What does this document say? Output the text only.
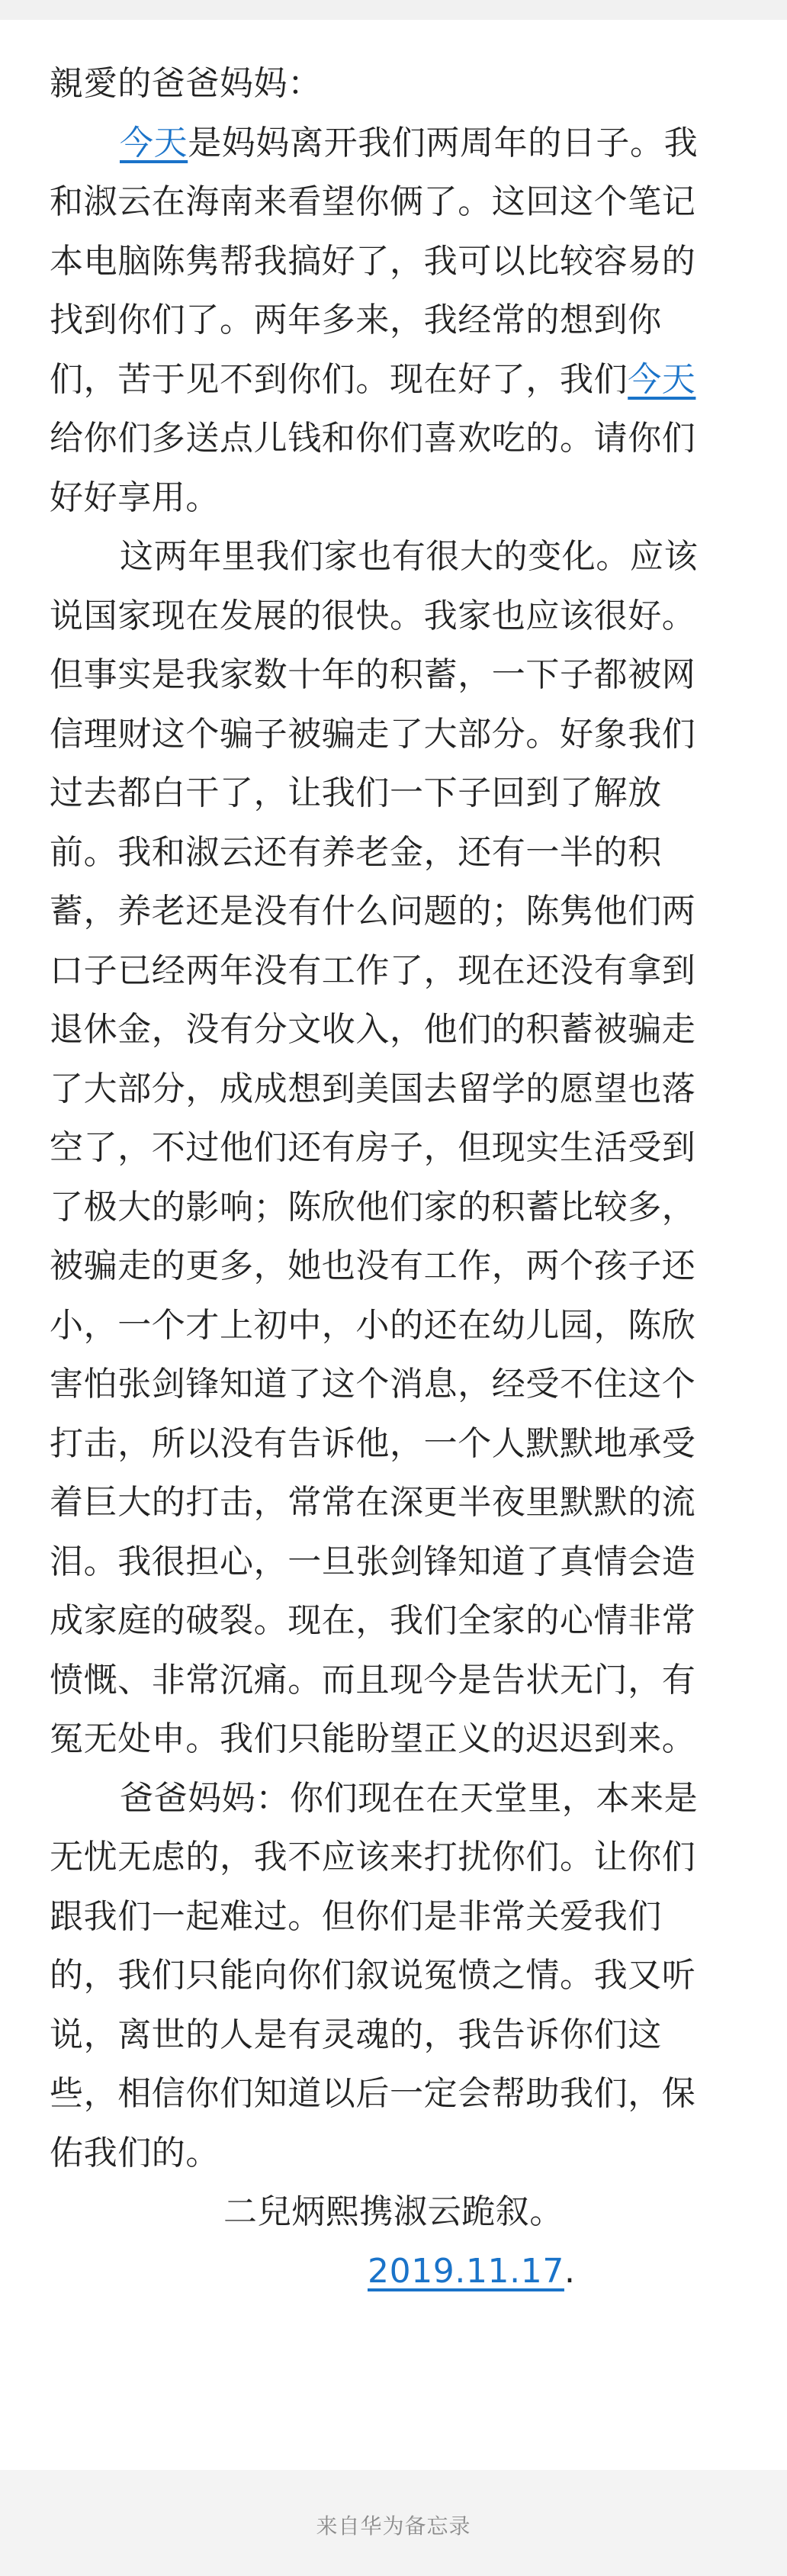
親愛的爸爸妈妈：
今天是妈妈离开我们两周年的日子。我
和淑云在海南来看望你俩了。这回这个笔记
本电脑陈隽帮我搞好了，我可以比较容易的
找到你们了。两年多来，我经常的想到你
们，苦于见不到你们。现在好了，我们今天
给你们多送点儿钱和你们喜欢吃的。请你们
好好享用。
这两年里我们家也有很大的变化。应该
说国家现在发展的很快。我家也应该很好。
但事实是我家数十年的积蓄，一下子都被网
信理财这个骗子被骗走了大部分。好象我们
过去都白干了，让我们一下子回到了解放
前。我和淑云还有养老金，还有一半的积
蓄，养老还是没有什么问题的；陈隽他们两
口子已经两年没有工作了，现在还没有拿到
退休金，没有分文收入，他们的积蓄被骗走
了大部分，成成想到美国去留学的愿望也落
空了，不过他们还有房子，但现实生活受到
了极大的影响；陈欣他们家的积蓄比较多，
被骗走的更多，她也没有工作，两个孩子还
小，一个才上初中，小的还在幼儿园，陈欣
害怕张剑锋知道了这个消息，经受不住这个
打击，所以没有告诉他，一个人默默地承受
着巨大的打击，常常在深更半夜里默默的流
泪。我很担心，一旦张剑锋知道了真情会造
成家庭的破裂。现在，我们全家的心情非常
愤慨、非常沉痛。而且现今是告状无门，有
冤无处申。我们只能盼望正义的迟迟到来。
爸爸妈妈：你们现在在天堂里，本来是
无忧无虑的，我不应该来打扰你们。让你们
跟我们一起难过。但你们是非常关爱我们
的，我们只能向你们叙说冤愤之情。我又听
说，离世的人是有灵魂的，我告诉你们这
些，相信你们知道以后一定会帮助我们，保
佑我们的。
二兒炳熙携淑云跪叙。
2019.11.17.
来自华为备忘录
